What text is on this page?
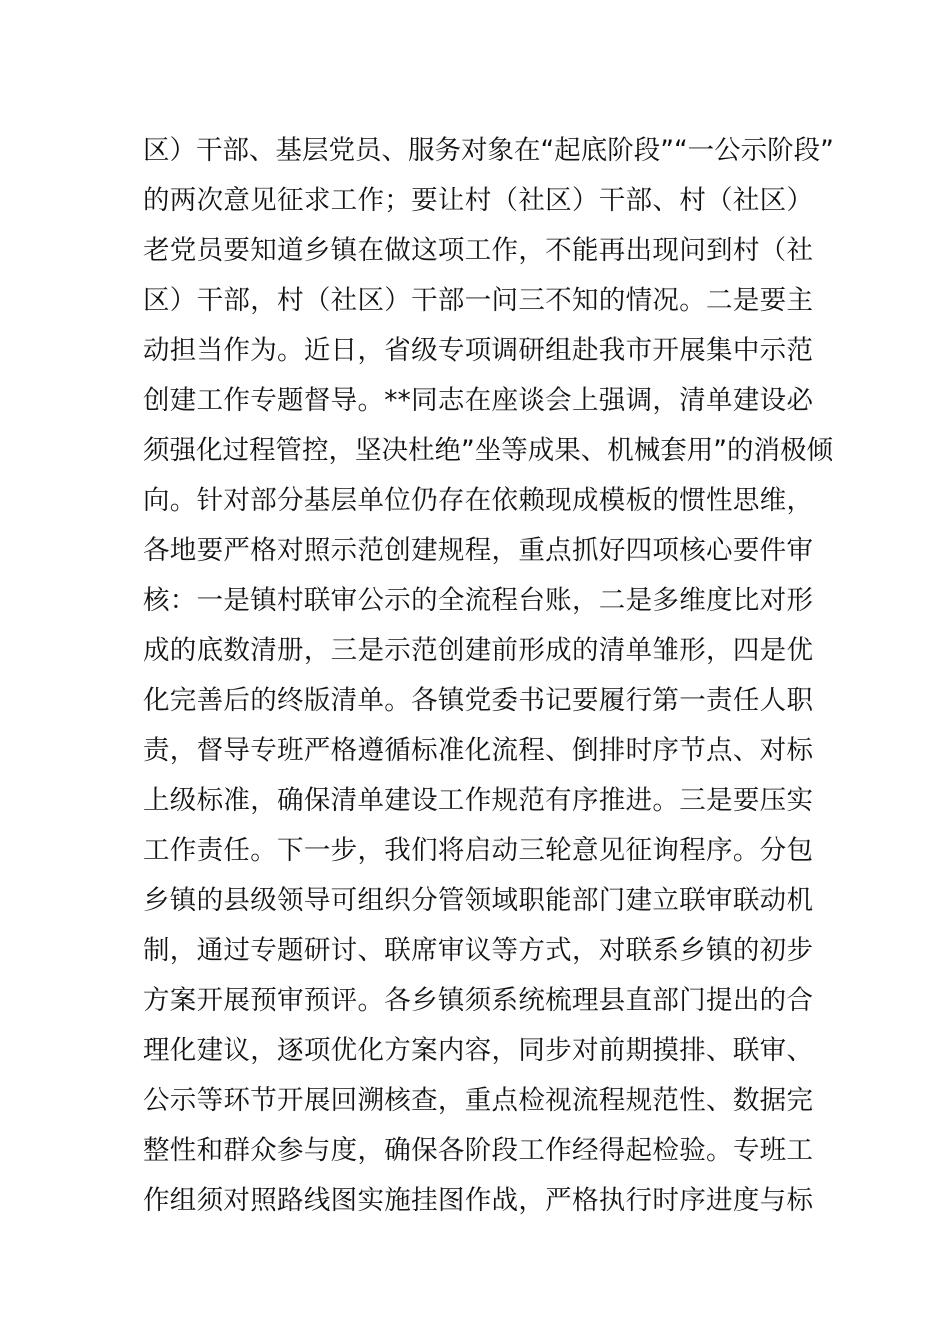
区）干部、基层党员、服务对象在“起底阶段”“一公示阶段”
的两次意见征求工作；要让村（社区）干部、村（社区）
老党员要知道乡镇在做这项工作，不能再出现问到村（社
区）干部，村（社区）干部一问三不知的情况。二是要主
动担当作为。近日，省级专项调研组赴我市开展集中示范
创建工作专题督导。**同志在座谈会上强调，清单建设必
须强化过程管控，坚决杜绝”坐等成果、机械套用”的消极倾
向。针对部分基层单位仍存在依赖现成模板的惯性思维，
各地要严格对照示范创建规程，重点抓好四项核心要件审
核：一是镇村联审公示的全流程台账，二是多维度比对形
成的底数清册，三是示范创建前形成的清单雏形，四是优
化完善后的终版清单。各镇党委书记要履行第一责任人职
责，督导专班严格遵循标准化流程、倒排时序节点、对标
上级标准，确保清单建设工作规范有序推进。三是要压实
工作责任。下一步，我们将启动三轮意见征询程序。分包
乡镇的县级领导可组织分管领域职能部门建立联审联动机
制，通过专题研讨、联席审议等方式，对联系乡镇的初步
方案开展预审预评。各乡镇须系统梳理县直部门提出的合
理化建议，逐项优化方案内容，同步对前期摸排、联审、
公示等环节开展回溯核查，重点检视流程规范性、数据完
整性和群众参与度，确保各阶段工作经得起检验。专班工
作组须对照路线图实施挂图作战，严格执行时序进度与标
